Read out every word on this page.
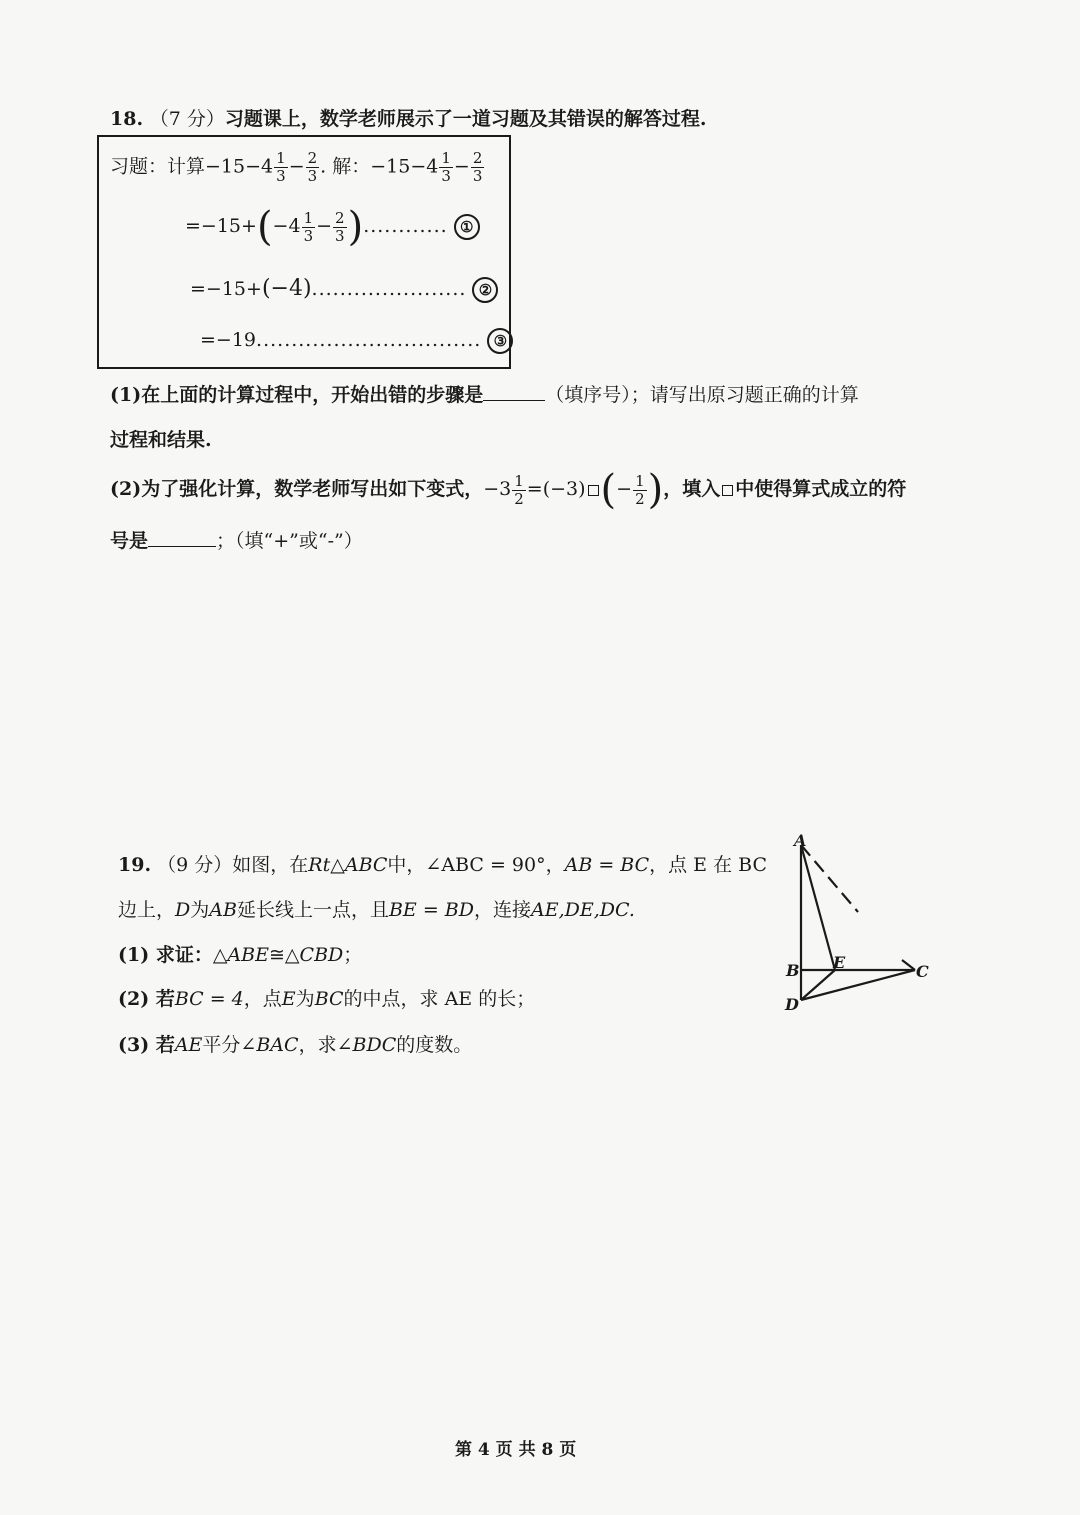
18. （7 分）习题课上，数学老师展示了一道习题及其错误的解答过程.
习题：计算$-15-4 \frac{1}{3} - \frac{2}{3}$ . 解：$-15-4 \frac{1}{3} - \frac{2}{3}$
$=-15+(-4 \frac{1}{3} - \frac{2}{3}$ )............ ①
=−15+(−4)...................... ②
=−19................................ ③
(1)在上面的计算过程中，开始出错的步骤是	（填序号）；请写出原习题正确的计算
过程和结果.
(2)为了强化计算，数学老师写出如下变式，$-3 \frac{1}{2} =(-3)$ (− $\frac{1}{2}$ )，填入 中使得算式成立的符
号是	；（填“+”或“-”）
19. （9 分）如图，在Rt△ABC中，∠ABC = 90°，AB = BC，点 E 在 BC
边上，D为AB延长线上一点，且BE = BD，连接AE,DE,DC.
(1) 求证：△ABE≅△CBD；
(2) 若BC = 4，点E为BC的中点，求 AE 的长；
(3) 若AE平分∠BAC，求∠BDC的度数。
A
B E	C
D
第 4 页 共 8 页
